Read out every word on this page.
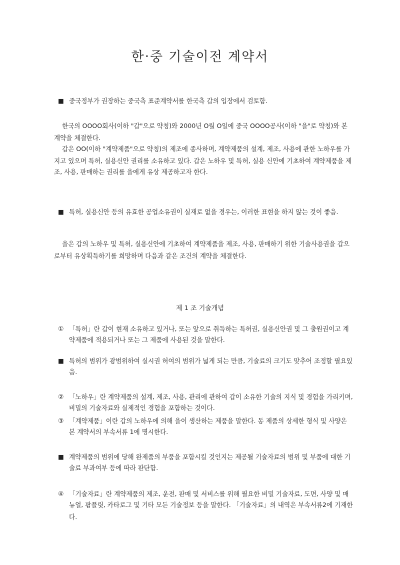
한·중 기술이전 계약서
■ 중국정부가 권장하는 중국측 표준계약서를 한국측 갑의 입장에서 검토함.

한국의 OOOO회사(이하 "갑"으로 약칭)와 2000년 O월 O일에 중국 OOOO공사(이하 "을"로 약칭)와 본 계약을 체결한다.

갑은 OO(이하 "계약제품"으로 약칭)의 제조에 종사하며, 계약제품의 설계, 제조, 사용에 관한 노하우를 가지고 있으며 특허, 실용신안 권리를 소유하고 있다. 갑은 노하우 및 특허, 실용 신안에 기초하여 계약제품을 제조, 사용, 판매하는 권리를 을에게 유상 제공하고자 한다.

■ 특허, 실용신안 등의 유효한 공업소유권이 실재로 없을 경우는, 이러한 표현을 하지 않는 것이 좋음.

을은 갑의 노하우 및 특허, 실용신안에 기초하여 계약제품을 제조, 사용, 판매하기 위한 기술사용권을 갑으로부터 유상획득하기를 희망하며 다음과 같은 조건의 계약을 체결한다.

제 1 조 기술개념
① 「특허」란 갑이 현재 소유하고 있거나, 또는 앞으로 취득하는 특허권, 실용신안권 및 그 출원권이고 계약제품에 적용되거나 또는 그 제품에 사용된 것을 말한다.
■ 특허의 범위가 광범위하여 실시권 허여의 범위가 넓게 되는 만큼, 기술료의 크기도 맞추어 조정할 필요있음.
② 「노하우」란 계약제품의 설계, 제조, 사용, 관리에 관하여 갑이 소유한 기술의 지식 및 경험을 가리키며, 비밀의 기술자료와 실제적인 경험을 포함하는 것이다.
③ 「계약제품」이란 갑의 노하우에 의해 을이 생산하는 제품을 말한다. 동 제품의 상세한 형식 및 사양은 본 계약서의 부속서류 1에 명시한다.
■ 계약제품의 범위에 당해 완제품의 부품을 포함시킬 것인지는 제공될 기술자료의 범위 및 부품에 대한 기술료 부과여부 등에 따라 판단함.
④ 「기술자료」란 계약제품의 제조, 운전, 판매 및 서비스를 위해 필요한 비밀 기술자료, 도면, 사양 및 매뉴얼, 팜플릿, 카타로그 및 기타 모든 기술정보 등을 말한다. 「기술자료」의 내역은 부속서류2에 기재한다.
